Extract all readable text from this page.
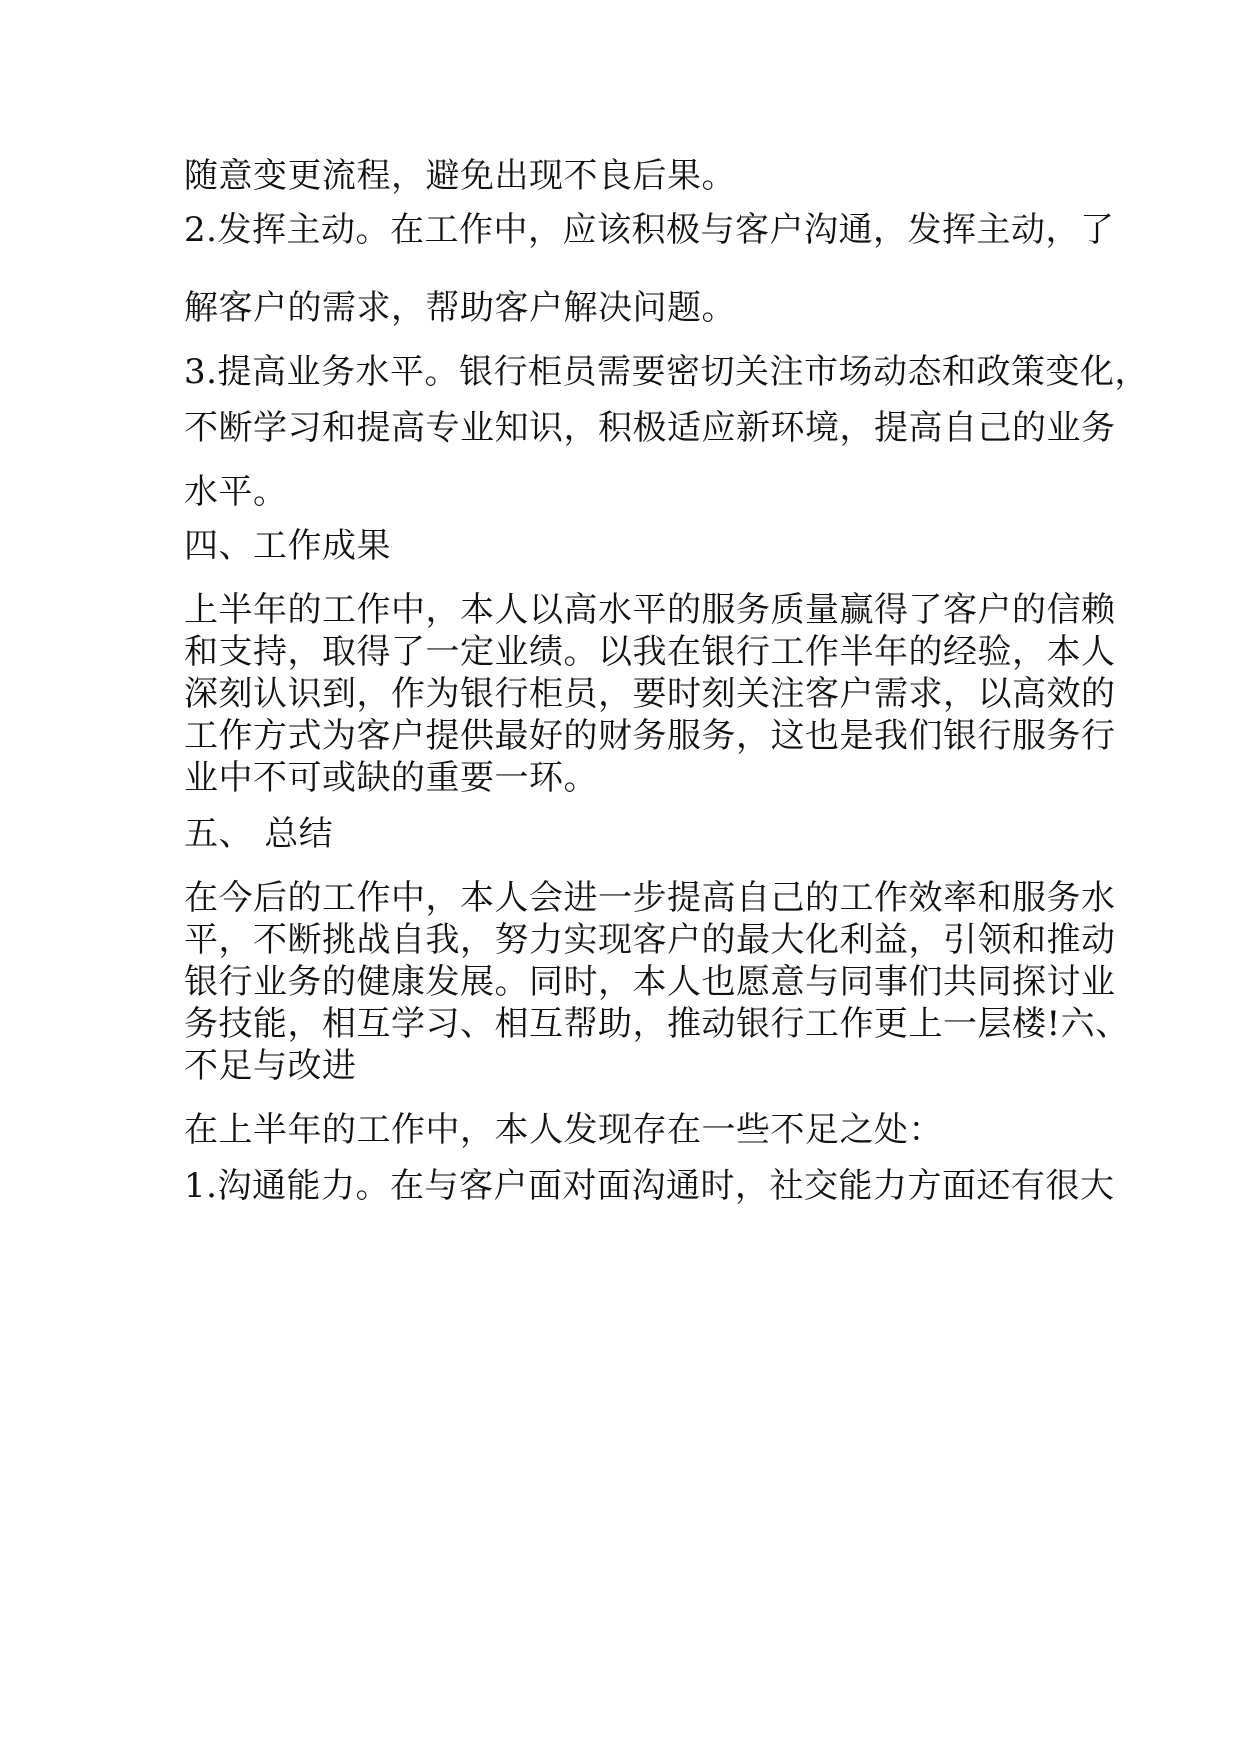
随意变更流程，避免出现不良后果。
2.发挥主动。在工作中，应该积极与客户沟通，发挥主动，了
解客户的需求，帮助客户解决问题。
3.提高业务水平。银行柜员需要密切关注市场动态和政策变化，
不断学习和提高专业知识，积极适应新环境，提高自己的业务
水平。
四、工作成果
上半年的工作中，本人以高水平的服务质量赢得了客户的信赖
和支持，取得了一定业绩。以我在银行工作半年的经验，本人
深刻认识到，作为银行柜员，要时刻关注客户需求，以高效的
工作方式为客户提供最好的财务服务，这也是我们银行服务行
业中不可或缺的重要一环。
五、 总结
在今后的工作中，本人会进一步提高自己的工作效率和服务水
平，不断挑战自我，努力实现客户的最大化利益，引领和推动
银行业务的健康发展。同时，本人也愿意与同事们共同探讨业
务技能，相互学习、相互帮助，推动银行工作更上一层楼!六、
不足与改进
在上半年的工作中，本人发现存在一些不足之处：
1.沟通能力。在与客户面对面沟通时，社交能力方面还有很大
